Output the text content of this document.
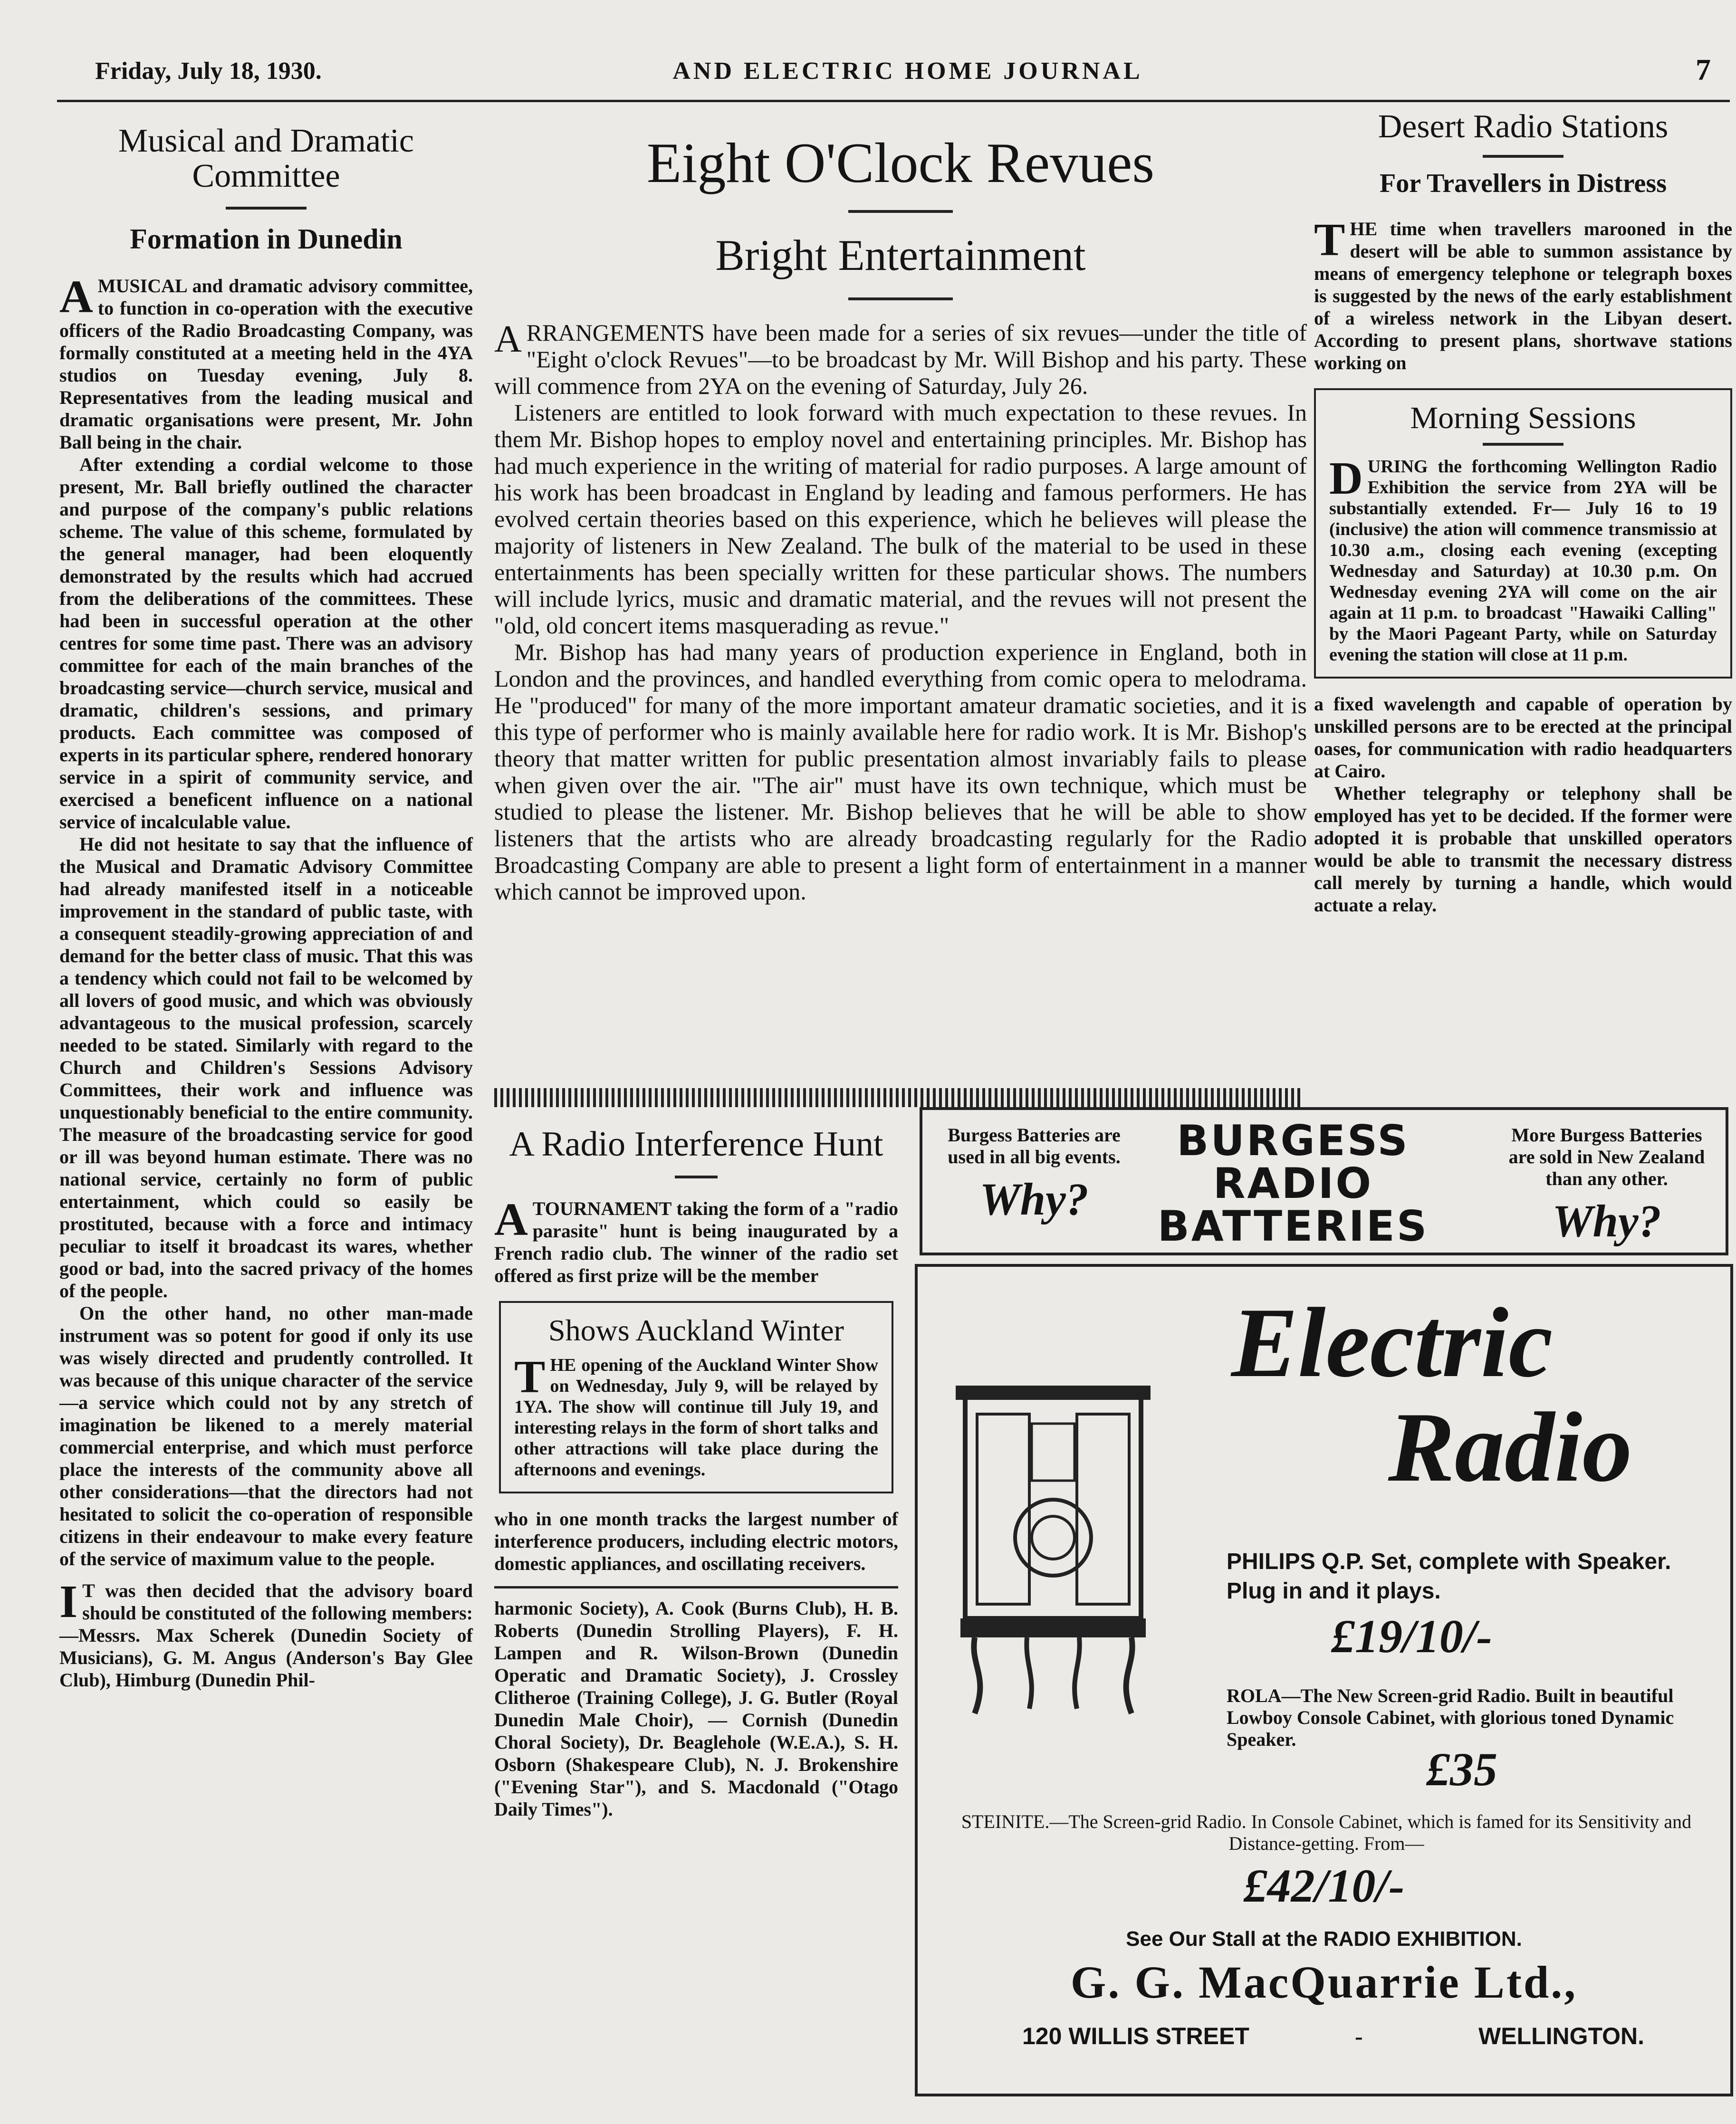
Friday, July 18, 1930.	AND ELECTRIC HOME JOURNAL	7
Musical and Dramatic Committee
Formation in Dunedin

AMUSICAL and dramatic advisory committee, to function in co-operation with the executive officers of the Radio Broadcasting Company, was formally constituted at a meeting held in the 4YA studios on Tuesday evening, July 8. Representatives from the leading musical and dramatic organisations were present, Mr. John Ball being in the chair.

After extending a cordial welcome to those present, Mr. Ball briefly outlined the character and purpose of the company's public relations scheme. The value of this scheme, formulated by the general manager, had been eloquently demonstrated by the results which had accrued from the deliberations of the committees. These had been in successful operation at the other centres for some time past. There was an advisory committee for each of the main branches of the broadcasting service—church service, musical and dramatic, children's sessions, and primary products. Each committee was composed of experts in its particular sphere, rendered honorary service in a spirit of community service, and exercised a beneficent influence on a national service of incalculable value.

He did not hesitate to say that the influence of the Musical and Dramatic Advisory Committee had already manifested itself in a noticeable improvement in the standard of public taste, with a consequent steadily-growing appreciation of and demand for the better class of music. That this was a tendency which could not fail to be welcomed by all lovers of good music, and which was obviously advantageous to the musical profession, scarcely needed to be stated. Similarly with regard to the Church and Children's Sessions Advisory Committees, their work and influence was unquestionably beneficial to the entire community. The measure of the broadcasting service for good or ill was beyond human estimate. There was no national service, certainly no form of public entertainment, which could so easily be prostituted, because with a force and intimacy peculiar to itself it broadcast its wares, whether good or bad, into the sacred privacy of the homes of the people.

On the other hand, no other man-made instrument was so potent for good if only its use was wisely directed and prudently controlled. It was because of this unique character of the service—a service which could not by any stretch of imagination be likened to a merely material commercial enterprise, and which must perforce place the interests of the community above all other considerations—that the directors had not hesitated to solicit the co-operation of responsible citizens in their endeavour to make every feature of the service of maximum value to the people.

I T was then decided that the advisory board should be constituted of the following members:—Messrs. Max Scherek (Dunedin Society of Musicians), G. M. Angus (Anderson's Bay Glee Club), Himburg (Dunedin Phil-

Eight O'Clock Revues
Bright Entertainment

ARRANGEMENTS have been made for a series of six revues—under the title of "Eight o'clock Revues"—to be broadcast by Mr. Will Bishop and his party. These will commence from 2YA on the evening of Saturday, July 26.

Listeners are entitled to look forward with much expectation to these revues. In them Mr. Bishop hopes to employ novel and entertaining principles. Mr. Bishop has had much experience in the writing of material for radio purposes. A large amount of his work has been broadcast in England by leading and famous performers. He has evolved certain theories based on this experience, which he believes will please the majority of listeners in New Zealand. The bulk of the material to be used in these entertainments has been specially written for these particular shows. The numbers will include lyrics, music and dramatic material, and the revues will not present the "old, old concert items masquerading as revue."

Mr. Bishop has had many years of production experience in England, both in London and the provinces, and handled everything from comic opera to melodrama. He "produced" for many of the more important amateur dramatic societies, and it is this type of performer who is mainly available here for radio work. It is Mr. Bishop's theory that matter written for public presentation almost invariably fails to please when given over the air. "The air" must have its own technique, which must be studied to please the listener. Mr. Bishop believes that he will be able to show listeners that the artists who are already broadcasting regularly for the Radio Broadcasting Company are able to present a light form of entertainment in a manner which cannot be improved upon.

Desert Radio Stations
For Travellers in Distress

THE time when travellers marooned in the desert will be able to summon assistance by means of emergency telephone or telegraph boxes is suggested by the news of the early establishment of a wireless network in the Libyan desert. According to present plans, shortwave stations working on

Morning Sessions

DURING the forthcoming Wellington Radio Exhibition the service from 2YA will be substantially extended. Fr— July 16 to 19 (inclusive) the ation will commence transmissio at 10.30 a.m., closing each evening (excepting Wednesday and Saturday) at 10.30 p.m. On Wednesday evening 2YA will come on the air again at 11 p.m. to broadcast "Hawaiki Calling" by the Maori Pageant Party, while on Saturday evening the station will close at 11 p.m.

a fixed wavelength and capable of operation by unskilled persons are to be erected at the principal oases, for communication with radio headquarters at Cairo.

Whether telegraphy or telephony shall be employed has yet to be decided. If the former were adopted it is probable that unskilled operators would be able to transmit the necessary distress call merely by turning a handle, which would actuate a relay.

A Radio Interference Hunt

ATOURNAMENT taking the form of a "radio parasite" hunt is being inaugurated by a French radio club. The winner of the radio set offered as first prize will be the member

Shows Auckland Winter

THE opening of the Auckland Winter Show on Wednesday, July 9, will be relayed by 1YA. The show will continue till July 19, and interesting relays in the form of short talks and other attractions will take place during the afternoons and evenings.

who in one month tracks the largest number of interference producers, including electric motors, domestic appliances, and oscillating receivers.

harmonic Society), A. Cook (Burns Club), H. B. Roberts (Dunedin Strolling Players), F. H. Lampen and R. Wilson-Brown (Dunedin Operatic and Dramatic Society), J. Crossley Clitheroe (Training College), J. G. Butler (Royal Dunedin Male Choir), — Cornish (Dunedin Choral Society), Dr. Beaglehole (W.E.A.), S. H. Osborn (Shakespeare Club), N. J. Brokenshire ("Evening Star"), and S. Macdonald ("Otago Daily Times").

Burgess Batteries are used in all big events.
Why?
BURGESS
RADIO
BATTERIES
More Burgess Batteries are sold in New Zealand than any other.
Why?
Electric
Radio
PHILIPS Q.P. Set, complete with Speaker. Plug in and it plays.
£19/10/-
ROLA—The New Screen-grid Radio. Built in beautiful Lowboy Console Cabinet, with glorious toned Dynamic Speaker.
£35
STEINITE.—The Screen-grid Radio. In Console Cabinet, which is famed for its Sensitivity and Distance-getting. From—
£42/10/-
See Our Stall at the RADIO EXHIBITION.
G. G. MacQuarrie Ltd.,
120 WILLIS STREET	-	WELLINGTON.
